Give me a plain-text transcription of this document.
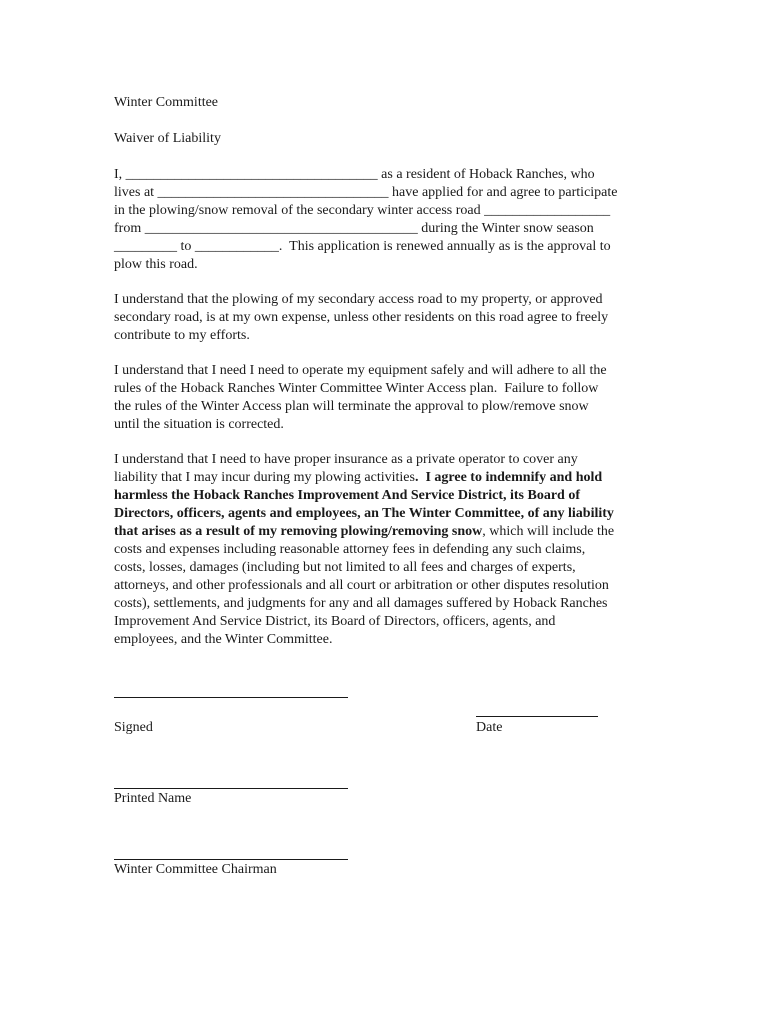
Winter Committee
Waiver of Liability
I, ____________________________________ as a resident of Hoback Ranches, who
lives at _________________________________ have applied for and agree to participate
in the plowing/snow removal of the secondary winter access road __________________
from _______________________________________ during the Winter snow season
_________ to ____________.  This application is renewed annually as is the approval to
plow this road.
I understand that the plowing of my secondary access road to my property, or approved
secondary road, is at my own expense, unless other residents on this road agree to freely
contribute to my efforts.
I understand that I need I need to operate my equipment safely and will adhere to all the
rules of the Hoback Ranches Winter Committee Winter Access plan.  Failure to follow
the rules of the Winter Access plan will terminate the approval to plow/remove snow
until the situation is corrected.
I understand that I need to have proper insurance as a private operator to cover any
liability that I may incur during my plowing activities.  I agree to indemnify and hold
harmless the Hoback Ranches Improvement And Service District, its Board of
Directors, officers, agents and employees, an The Winter Committee, of any liability
that arises as a result of my removing plowing/removing snow, which will include the
costs and expenses including reasonable attorney fees in defending any such claims,
costs, losses, damages (including but not limited to all fees and charges of experts,
attorneys, and other professionals and all court or arbitration or other disputes resolution
costs), settlements, and judgments for any and all damages suffered by Hoback Ranches
Improvement And Service District, its Board of Directors, officers, agents, and
employees, and the Winter Committee.
Signed	Date
Printed Name
Winter Committee Chairman
